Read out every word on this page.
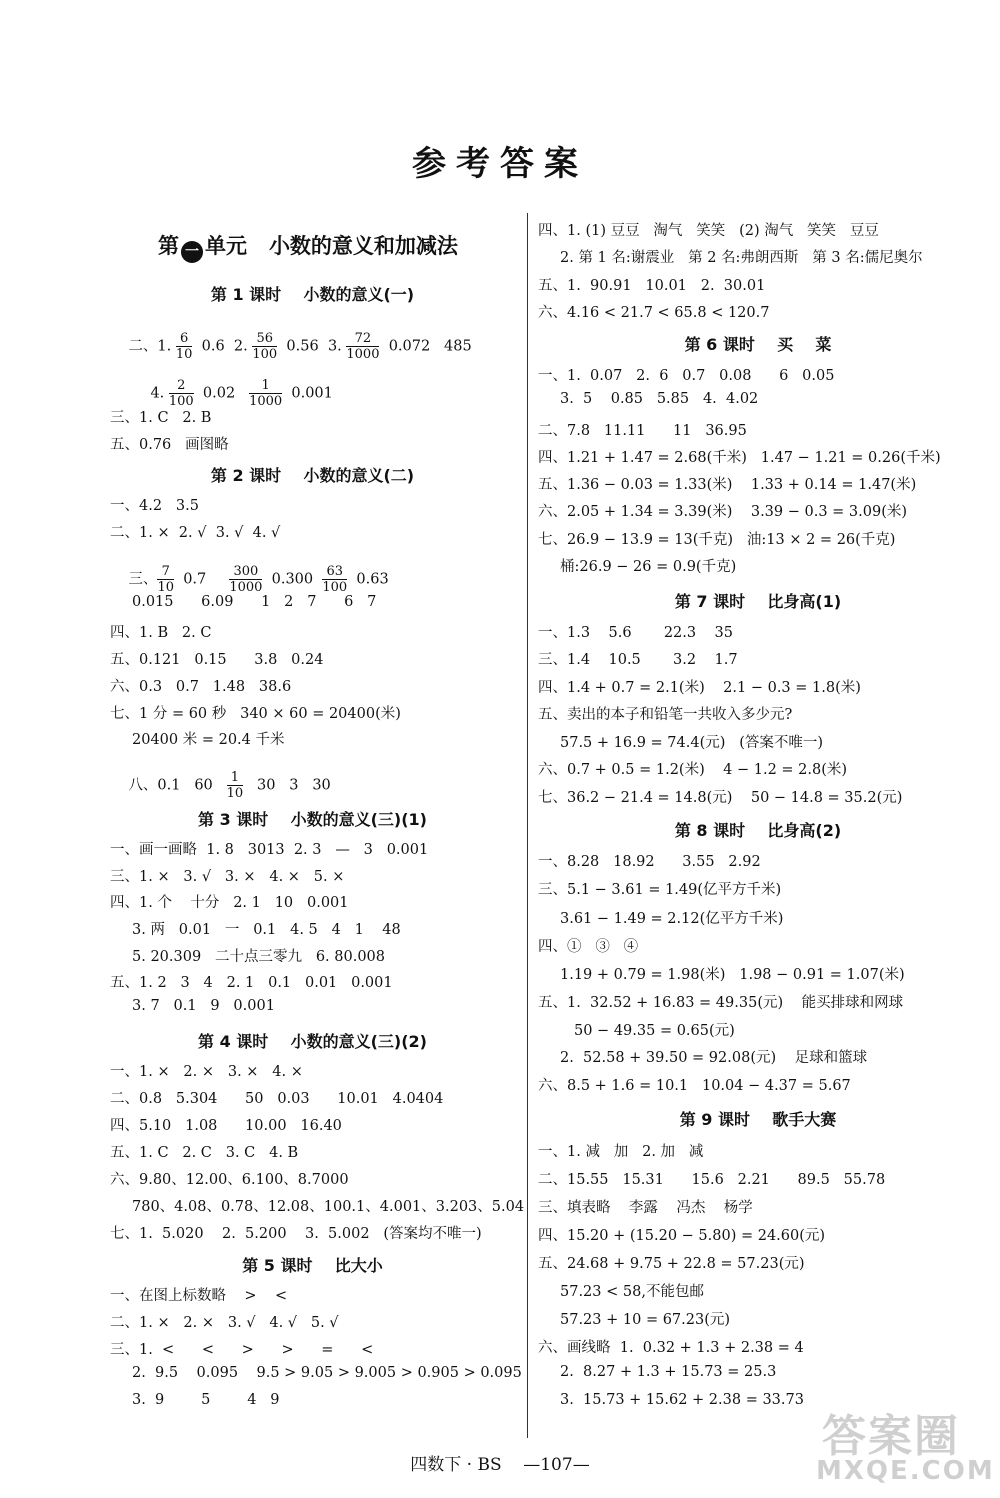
参考答案
第 一 单元 小数的意义和加减法
第 1 课时    小数的意义(一)

二、1. $\frac{6}{10} 0.6$  2. $\frac{56}{100} 0.56$  3. $\frac{72}{1000} 0.072$   485

4. $\frac{2}{100} 0.02 \frac{1}{1000} 0.001$

三、1. C   2. B
五、0.76   画图略
第 2 课时    小数的意义(二)
一、4.2   3.5
二、1. ×  2. √  3. √  4. √

三、 $\frac{7}{10} 0.7 \frac{300}{1000} 0.300 \frac{63}{100} 0.63$

0.015      6.09      1   2   7      6   7
四、1. B   2. C
五、0.121   0.15      3.8   0.24
六、0.3   0.7   1.48   38.6
七、1 分 = 60 秒   340 × 60 = 20400(米)
20400 米 = 20.4 千米

八、0.1   $60 \frac{1}{10} 30$   3   30

第 3 课时    小数的意义(三)(1)
一、画一画略  1. 8   3013  2. 3   —   3   0.001
三、1. ×   3. √   3. ×   4. ×   5. ×
四、1. 个    十分   2. 1   10   0.001
3. 两   0.01   一   0.1   4. 5   4   1    48
5. 20.309   二十点三零九   6. 80.008
五、1. 2   3   4   2. 1   0.1   0.01   0.001
3. 7   0.1   9   0.001
第 4 课时    小数的意义(三)(2)
一、1. ×   2. ×   3. ×   4. ×
二、0.8   5.304      50   0.03      10.01   4.0404
四、5.10   1.08      10.00   16.40
五、1. C   2. C   3. C   4. B
六、9.80、12.00、6.100、8.7000
780、4.08、0.78、12.08、100.1、4.001、3.203、5.04
七、1.  5.020    2.  5.200    3.  5.002   (答案均不唯一)
第 5 课时    比大小
一、在图上标数略    >    <
二、1. ×   2. ×   3. √   4. √   5. √
三、1.  <      <      >      >      =      <
2.  9.5    0.095    9.5 > 9.05 > 9.005 > 0.905 > 0.095
3.  9        5        4   9
四、1. (1) 豆豆   淘气   笑笑   (2) 淘气   笑笑   豆豆
2. 第 1 名:谢震业   第 2 名:弗朗西斯   第 3 名:儒尼奥尔
五、1.  90.91   10.01   2.  30.01
六、4.16 < 21.7 < 65.8 < 120.7
第 6 课时    买    菜
一、1.  0.07   2.  6   0.7   0.08      6   0.05
3.  5    0.85   5.85   4.  4.02
二、7.8   11.11      11   36.95
四、1.21 + 1.47 = 2.68(千米)   1.47 − 1.21 = 0.26(千米)
五、1.36 − 0.03 = 1.33(米)    1.33 + 0.14 = 1.47(米)
六、2.05 + 1.34 = 3.39(米)    3.39 − 0.3 = 3.09(米)
七、26.9 − 13.9 = 13(千克)   油:13 × 2 = 26(千克)
桶:26.9 − 26 = 0.9(千克)
第 7 课时    比身高(1)
一、1.3    5.6       22.3    35
三、1.4    10.5       3.2    1.7
四、1.4 + 0.7 = 2.1(米)    2.1 − 0.3 = 1.8(米)
五、卖出的本子和铅笔一共收入多少元?
57.5 + 16.9 = 74.4(元)   (答案不唯一)
六、0.7 + 0.5 = 1.2(米)    4 − 1.2 = 2.8(米)
七、36.2 − 21.4 = 14.8(元)    50 − 14.8 = 35.2(元)
第 8 课时    比身高(2)
一、8.28   18.92      3.55   2.92
三、5.1 − 3.61 = 1.49(亿平方千米)
3.61 − 1.49 = 2.12(亿平方千米)
四、①   ③   ④
1.19 + 0.79 = 1.98(米)   1.98 − 0.91 = 1.07(米)
五、1.  32.52 + 16.83 = 49.35(元)    能买排球和网球
50 − 49.35 = 0.65(元)
2.  52.58 + 39.50 = 92.08(元)    足球和篮球
六、8.5 + 1.6 = 10.1   10.04 − 4.37 = 5.67
第 9 课时    歌手大赛
一、1. 减   加   2. 加   减
二、15.55   15.31      15.6   2.21      89.5   55.78
三、填表略    李露    冯杰    杨学
四、15.20 + (15.20 − 5.80) = 24.60(元)
五、24.68 + 9.75 + 22.8 = 57.23(元)
57.23 < 58,不能包邮
57.23 + 10 = 67.23(元)
六、画线略  1.  0.32 + 1.3 + 2.38 = 4
2.  8.27 + 1.3 + 15.73 = 25.3
3.  15.73 + 15.62 + 2.38 = 33.73
四数下 · BS    —107—
答案圈
MXQE.COM
